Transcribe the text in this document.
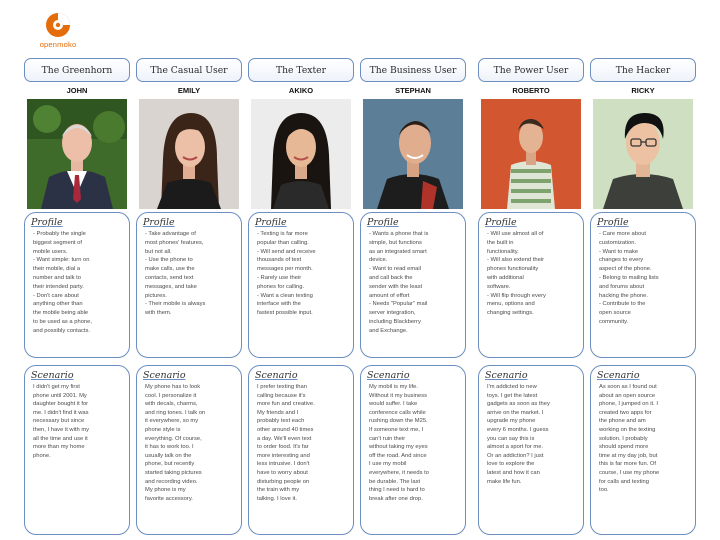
openmoko
The Greenhorn
JOHN
Profile
- Probably the single
biggest segment of
mobile users.
- Want simple: turn on
their mobile, dial a
number and talk to
their intended party.
- Don't care about
anything other than
the mobile being able
to be used as a phone,
and possibly contacts.
Scenario
I didn't get my first
phone until 2001. My
daughter bought it for
me. I didn't find it was
necessary but since
then, I have it with my
all the time and use it
more than my home
phone.
The Casual User
EMILY
Profile
- Take advantage of
most phones' features,
but not all.
- Use the phone to
make calls, use the
contacts, send text
messages, and take
pictures.
- Their mobile is always
with them.
Scenario
My phone has to look
cool. I personalize it
with decals, charms,
and ring tones. I talk on
it everywhere, so my
phone style is
everything. Of course,
it has to work too. I
usually talk on the
phone, but recently
started taking pictures
and recording video.
My phone is my
favorite accessory.
The Texter
AKIKO
Profile
- Texting is far more
popular than calling.
- Will send and receive
thousands of text
messages per month.
- Rarely use their
phones for calling.
- Want a clean texting
interface with the
fastest possible input.
Scenario
I prefer texting than
calling because it's
more fun and creative.
My friends and I
probably text each
other around 40 times
a day. We'll even text
to order food. It's far
more interesting and
less intrusive. I don't
have to worry about
disturbing people on
the train with my
talking. I love it.
The Business User
STEPHAN
Profile
- Wants a phone that is
simple, but functions
as an integrated smart
device.
- Want to read email
and call back the
sender with the least
amount of effort
- Needs "Popular" mail
server integration,
including Blackberry
and Exchange.
Scenario
My mobil is my life.
Without it my business
would suffer. I take
conference calls while
rushing down the M25.
If someone text me, I
can't ruin their
without taking my eyes
off the road. And since
I use my mobil
everywhere, it needs to
be durable. The last
thing I need is hard to
break after one drop.
The Power User
ROBERTO
Profile
- Will use almost all of
the built in
functionality.
- Will also extend their
phones functionality
with additional
software.
- Will flip through every
menu, options and
changing settings.
Scenario
I'm addicted to new
toys. I get the latest
gadgets as soon as they
arrive on the market. I
upgrade my phone
every 6 months. I guess
you can say this is
almost a sport for me.
Or an addiction? I just
love to explore the
latest and how it can
make life fun.
The Hacker
RICKY
Profile
- Care more about
customization.
- Want to make
changes to every
aspect of the phone.
- Belong to mailing lists
and forums about
hacking the phone.
- Contribute to the
open source
community.
Scenario
As soon as I found out
about an open source
phone, I jumped on it. I
created two apps for
the phone and am
working on the texting
solution. I probably
should spend more
time at my day job, but
this is far more fun. Of
course, I use my phone
for calls and texting
too.
